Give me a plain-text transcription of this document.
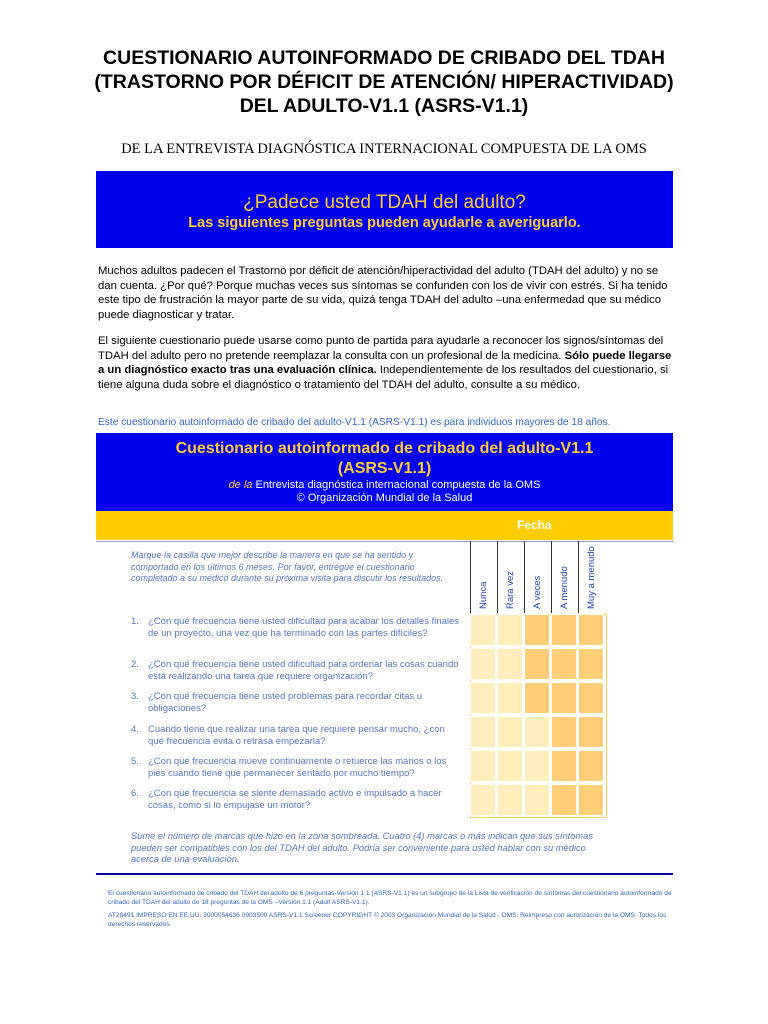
CUESTIONARIO AUTOINFORMADO DE CRIBADO DEL TDAH
(TRASTORNO POR DÉFICIT DE ATENCIÓN/ HIPERACTIVIDAD)
DEL ADULTO-V1.1 (ASRS-V1.1)
DE LA ENTREVISTA DIAGNÓSTICA INTERNACIONAL COMPUESTA DE LA OMS
¿Padece usted TDAH del adulto?
Las siguientes preguntas pueden ayudarle a averiguarlo.
Muchos adultos padecen el Trastorno por déficit de atención/hiperactividad del adulto (TDAH del adulto) y no se dan cuenta. ¿Por qué? Porque muchas veces sus síntomas se confunden con los de vivir con estrés. Si ha tenido este tipo de frustración la mayor parte de su vida, quizá tenga TDAH del adulto –una enfermedad que su médico puede diagnosticar y tratar.
El siguiente cuestionario puede usarse como punto de partida para ayudarle a reconocer los signos/síntomas del TDAH del adulto pero no pretende reemplazar la consulta con un profesional de la medicina. Sólo puede llegarse a un diagnóstico exacto tras una evaluación clínica. Independientemente de los resultados del cuestionario, si tiene alguna duda sobre el diagnóstico o tratamiento del TDAH del adulto, consulte a su médico.
Este cuestionario autoinformado de cribado del adulto-V1.1 (ASRS-V1.1) es para individuos mayores de 18 años.
Cuestionario autoinformado de cribado del adulto-V1.1
(ASRS-V1.1)
de la Entrevista diagnóstica internacional compuesta de la OMS
© Organización Mundial de la Salud
Fecha
Marque la casilla que mejor describe la manera en que se ha sentido y comportado en los últimos 6 meses. Por favor, entregue el cuestionario completado a su médico durante su próxima visita para discutir los resultados.
Nunca Rara vez A veces A menudo Muy a menudo
1. ¿Con qué frecuencia tiene usted dificultad para acabar los detalles finales de un proyecto, una vez que ha terminado con las partes difíciles?
2. ¿Con qué frecuencia tiene usted dificultad para ordenar las cosas cuando está realizando una tarea que requiere organización?
3. ¿Con qué frecuencia tiene usted problemas para recordar citas u obligaciones?
4. Cuando tiene que realizar una tarea que requiere pensar mucho, ¿con qué frecuencia evita o retrasa empezarla?
5. ¿Con qué frecuencia mueve continuamente o retuerce las manos o los pies cuando tiene que permanecer sentado por mucho tiempo?
6. ¿Con qué frecuencia se siente demasiado activo e impulsado a hacer cosas, como si lo empujase un motor?
Sume el número de marcas que hizo en la zona sombreada. Cuatro (4) marcas o más indican que sus síntomas pueden ser compatibles con los del TDAH del adulto. Podría ser conveniente para usted hablar con su médico acerca de una evaluación.
El cuestionario autoinformado de cribado del TDAH del adulto de 6 preguntas-Versión 1.1 (ASRS-V1.1) es un subgrupo de la Lista de verificación de síntomas del cuestionario autoinformado de cribado del TDAH del adulto de 18 preguntas de la OMS –Versión 1.1 (Adult ASRS-V1.1).
AT28491 IMPRESO EN EE.UU. 3000054636 0903500 ASRS-V1.1 Screener COPYRIGHT © 2003 Organización Mundial de la Salud - OMS. Reimpreso con autorización de la OMS. Todos los derechos reservados.
